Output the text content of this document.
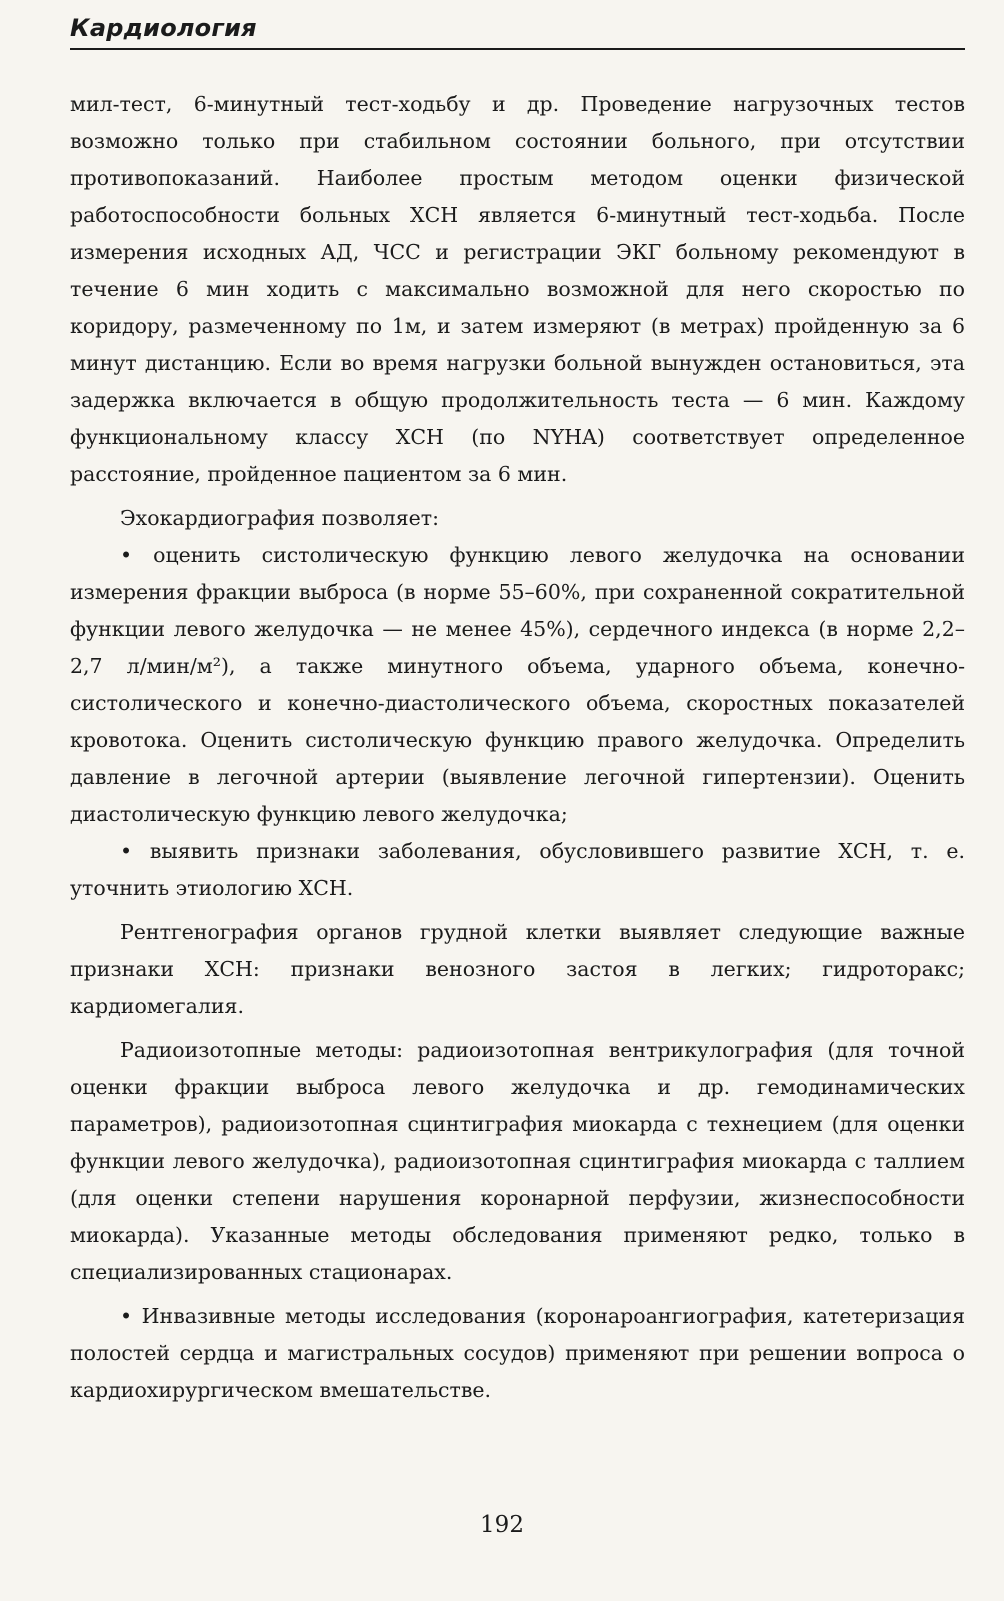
Кардиология

мил-тест, 6-минутный тест-ходьбу и др. Проведение нагрузочных тестов возможно только при стабильном состоянии больного, при отсутствии противопоказаний. Наиболее простым методом оценки физической работоспособности больных ХСН является 6-минутный тест-ходьба. После измерения исходных АД, ЧСС и регистрации ЭКГ больному рекомендуют в течение 6 мин ходить с максимально возможной для него скоростью по коридору, размеченному по 1м, и затем измеряют (в метрах) пройденную за 6 минут дистанцию. Если во время нагрузки больной вынужден остановиться, эта задержка включается в общую продолжительность теста — 6 мин. Каждому функциональному классу ХСН (по NYHA) соответствует определенное расстояние, пройденное пациентом за 6 мин.

Эхокардиография позволяет:

• оценить систолическую функцию левого желудочка на основании измерения фракции выброса (в норме 55–60%, при сохраненной сократительной функции левого желудочка — не менее 45%), сердечного индекса (в норме 2,2–2,7 л/мин/м²), а также минутного объема, ударного объема, конечно-систолического и конечно-диастолического объема, скоростных показателей кровотока. Оценить систолическую функцию правого желудочка. Определить давление в легочной артерии (выявление легочной гипертензии). Оценить диастолическую функцию левого желудочка;

• выявить признаки заболевания, обусловившего развитие ХСН, т. е. уточнить этиологию ХСН.

Рентгенография органов грудной клетки выявляет следующие важные признаки ХСН: признаки венозного застоя в легких; гидроторакс; кардиомегалия.

Радиоизотопные методы: радиоизотопная вентрикулография (для точной оценки фракции выброса левого желудочка и др. гемодинамических параметров), радиоизотопная сцинтиграфия миокарда с технецием (для оценки функции левого желудочка), радиоизотопная сцинтиграфия миокарда с таллием (для оценки степени нарушения коронарной перфузии, жизнеспособности миокарда). Указанные методы обследования применяют редко, только в специализированных стационарах.

• Инвазивные методы исследования (коронароангиография, катетеризация полостей сердца и магистральных сосудов) применяют при решении вопроса о кардиохирургическом вмешательстве.

192
